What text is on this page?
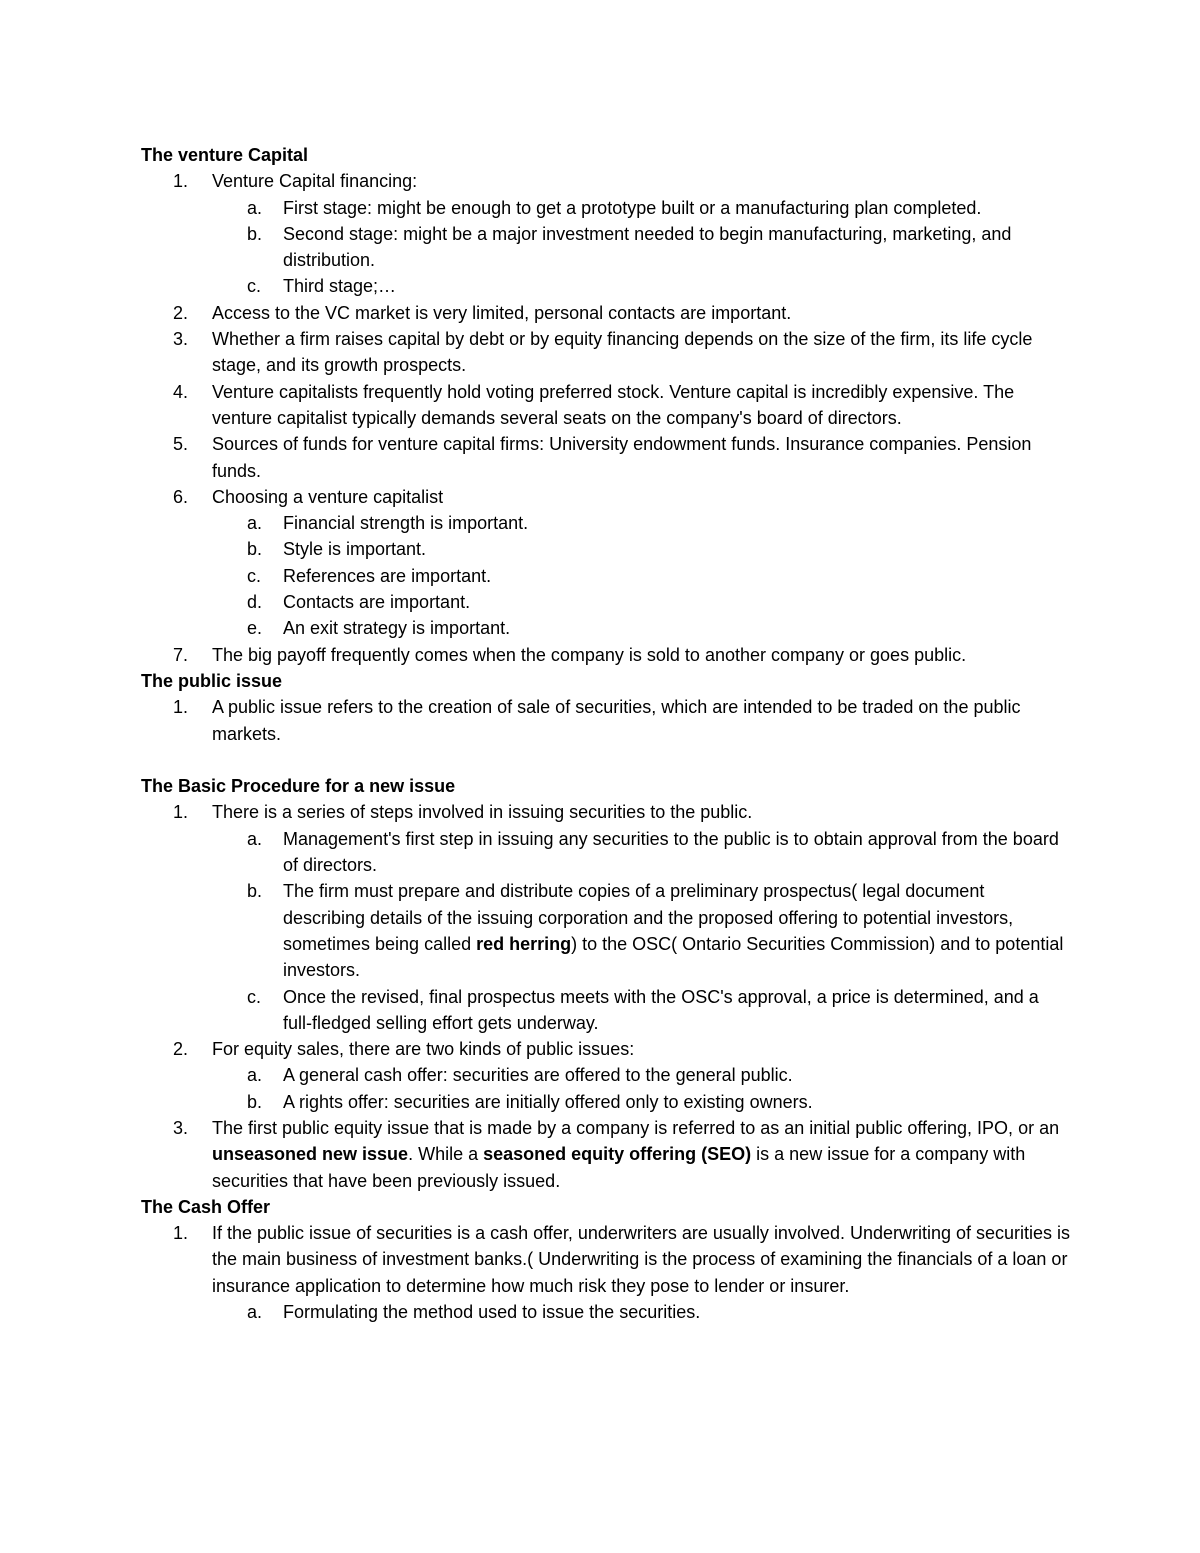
The venture Capital
1. Venture Capital financing:
a. First stage: might be enough to get a prototype built or a manufacturing plan completed.
b. Second stage: might be a major investment needed to begin manufacturing, marketing, and distribution.
c. Third stage;…
2. Access to the VC market is very limited, personal contacts are important.
3. Whether a firm raises capital by debt or by equity financing depends on the size of the firm, its life cycle stage, and its growth prospects.
4. Venture capitalists frequently hold voting preferred stock. Venture capital is incredibly expensive. The venture capitalist typically demands several seats on the company's board of directors.
5. Sources of funds for venture capital firms: University endowment funds. Insurance companies. Pension funds.
6. Choosing a venture capitalist
a. Financial strength is important.
b. Style is important.
c. References are important.
d. Contacts are important.
e. An exit strategy is important.
7. The big payoff frequently comes when the company is sold to another company or goes public.
The public issue
1. A public issue refers to the creation of sale of securities, which are intended to be traded on the public markets.
The Basic Procedure for a new issue
1. There is a series of steps involved in issuing securities to the public.
a. Management's first step in issuing any securities to the public is to obtain approval from the board of directors.
b. The firm must prepare and distribute copies of a preliminary prospectus( legal document describing details of the issuing corporation and the proposed offering to potential investors, sometimes being called red herring) to the OSC( Ontario Securities Commission) and to potential investors.
c. Once the revised, final prospectus meets with the OSC's approval, a price is determined, and a full-fledged selling effort gets underway.
2. For equity sales, there are two kinds of public issues:
a. A general cash offer: securities are offered to the general public.
b. A rights offer: securities are initially offered only to existing owners.
3. The first public equity issue that is made by a company is referred to as an initial public offering, IPO, or an unseasoned new issue. While a seasoned equity offering (SEO) is a new issue for a company with securities that have been previously issued.
The Cash Offer
1. If the public issue of securities is a cash offer, underwriters are usually involved. Underwriting of securities is the main business of investment banks.( Underwriting is the process of examining the financials of a loan or insurance application to determine how much risk they pose to lender or insurer.
a. Formulating the method used to issue the securities.
